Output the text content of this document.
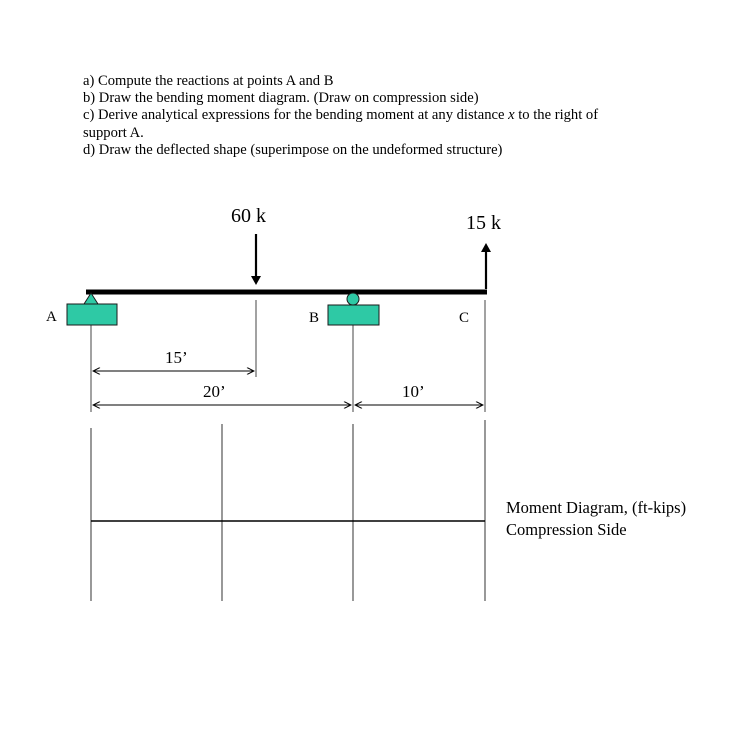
a) Compute the reactions at points A and B
b) Draw the bending moment diagram. (Draw on compression side)
c) Derive analytical expressions for the bending moment at any distance x to the right of
support A.
d) Draw the deflected shape (superimpose on the undeformed structure)
60 k	15 k
A	B	C
15’
20’	10’
Moment Diagram, (ft-kips)
Compression Side
